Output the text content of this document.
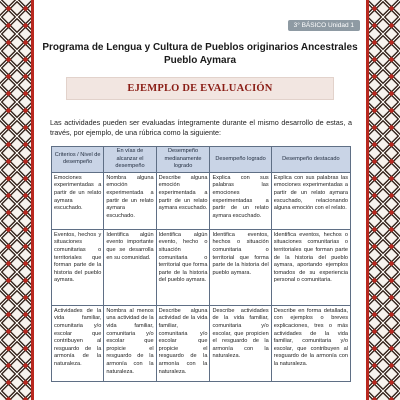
3° BÁSICO Unidad 1
Programa de Lengua y Cultura de Pueblos originarios Ancestrales
Pueblo Aymara
EJEMPLO DE EVALUACIÓN
Las actividades pueden ser evaluadas íntegramente durante el mismo desarrollo de estas, a través, por ejemplo, de una rúbrica como la siguiente:
Criterios / Nivel de desempeño	En vías de alcanzar el desempeño	Desempeño medianamente logrado	Desempeño logrado	Desempeño destacado
Emociones experimentadas a partir de un relato aymara escuchado.	Nombra alguna emoción experimentada a partir de un relato aymara escuchado.	Describe alguna emoción experimentada a partir de un relato aymara escuchado.	Explica con sus palabras las emociones experimentadas a partir de un relato aymara escuchado.	Explica con sus palabras las emociones experimentadas a partir de un relato aymara escuchado, relacionando alguna emoción con el relato.
Eventos, hechos y situaciones comunitarias o territoriales que forman parte de la historia del pueblo aymara.	Identifica algún evento importante que se desarrolla en su comunidad.	Identifica algún evento, hecho o situación comunitaria o territorial que forma parte de la historia del pueblo aymara.	Identifica eventos, hechos o situación comunitaria o territorial que forma parte de la historia del pueblo aymara.	Identifica eventos, hechos o situaciones comunitarias o territoriales que forman parte de la historia del pueblo aymara, aportando ejemplos tomados de su experiencia personal o comunitaria.
Actividades de la vida familiar, comunitaria y/o escolar que contribuyen al resguardo de la armonía de la naturaleza.	Nombra al menos una actividad de la vida familiar, comunitaria y/o escolar que propicie el resguardo de la armonía con la naturaleza.	Describe alguna actividad de la vida familiar, comunitaria y/o escolar que propicie el resguardo de la armonía con la naturaleza.	Describe actividades de la vida familiar, comunitaria y/o escolar, que propicien el resguardo de la armonía con la naturaleza.	Describe en forma detallada, con ejemplos o breves explicaciones, tres o más actividades de la vida familiar, comunitaria y/o escolar, que contribuyen al resguardo de la armonía con la naturaleza.
